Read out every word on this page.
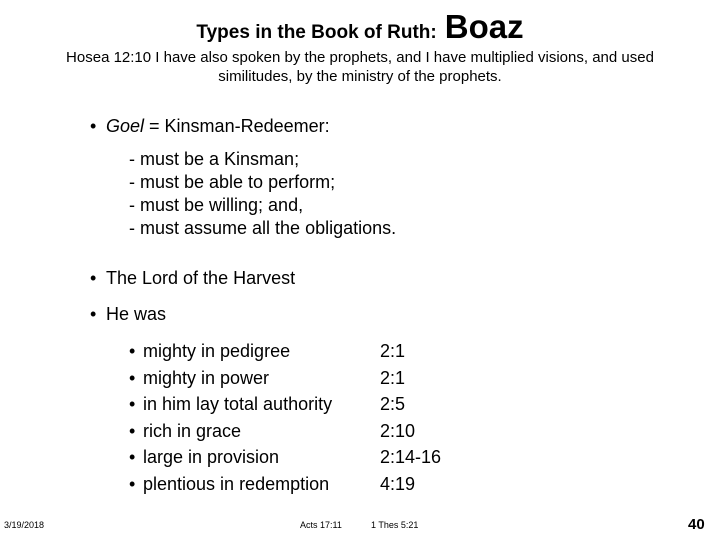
Types in the Book of Ruth: Boaz
Hosea 12:10 I have also spoken by the prophets, and I have multiplied visions, and used
similitudes, by the ministry of the prophets.
• Goel = Kinsman-Redeemer:
- must be a Kinsman;
- must be able to perform;
- must be willing; and,
- must assume all the obligations.
• The Lord of the Harvest
• He was
• mighty in pedigree	2:1
• mighty in power	2:1
• in him lay total authority	2:5
• rich in grace	2:10
• large in provision	2:14-16
• plentious in redemption	4:19
3/19/2018	Acts 17:11	1 Thes 5:21	40
